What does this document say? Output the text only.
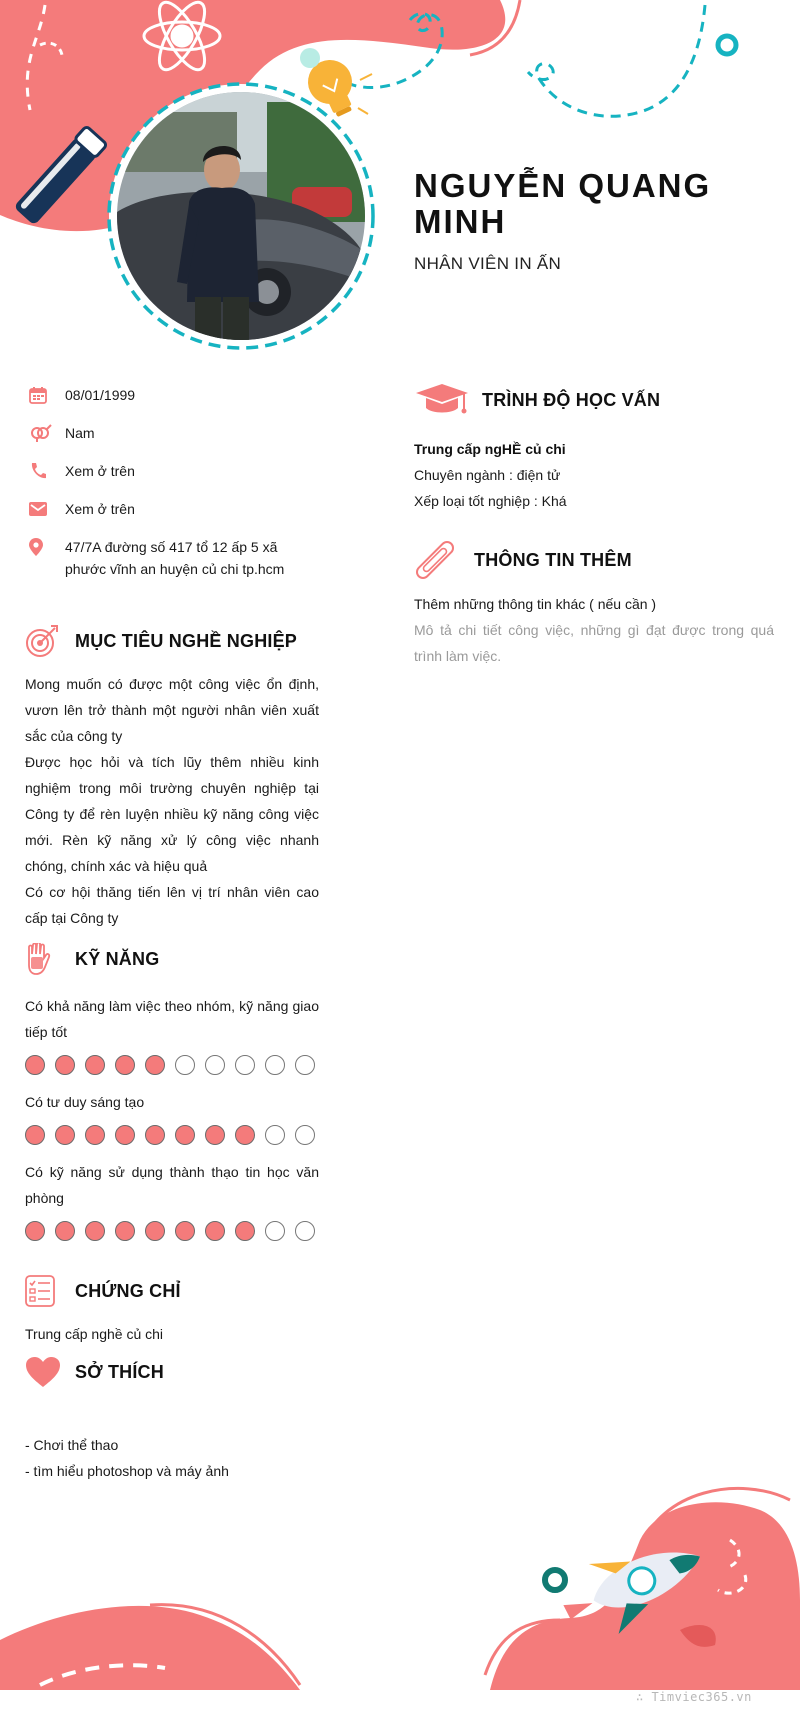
NGUYỄN QUANG MINH
NHÂN VIÊN IN ẤN
08/01/1999
Nam
Xem ở trên
Xem ở trên
47/7A đường số 417 tổ 12 ấp 5 xã phước vĩnh an huyện củ chi tp.hcm
MỤC TIÊU NGHỀ NGHIỆP

Mong muốn có được một công việc ổn định, vươn lên trở thành một người nhân viên xuất sắc của công ty

Được học hỏi và tích lũy thêm nhiều kinh nghiệm trong môi trường chuyên nghiệp tại Công ty để rèn luyện nhiều kỹ năng công việc mới. Rèn kỹ năng xử lý công việc nhanh chóng, chính xác và hiệu quả

Có cơ hội thăng tiến lên vị trí nhân viên cao cấp tại Công ty

KỸ NĂNG

Có khả năng làm việc theo nhóm, kỹ năng giao tiếp tốt

Có tư duy sáng tạo

Có kỹ năng sử dụng thành thạo tin học văn phòng

CHỨNG CHỈ

Trung cấp nghề củ chi

SỞ THÍCH

- Chơi thể thao

- tìm hiểu photoshop và máy ảnh

TRÌNH ĐỘ HỌC VẤN

Trung cấp ngHỀ củ chi

Chuyên ngành : điện tử

Xếp loại tốt nghiệp : Khá

THÔNG TIN THÊM

Thêm những thông tin khác ( nếu cần )

Mô tả chi tiết công việc, những gì đạt được trong quá trình làm việc.

∴ Timviec365.vn
